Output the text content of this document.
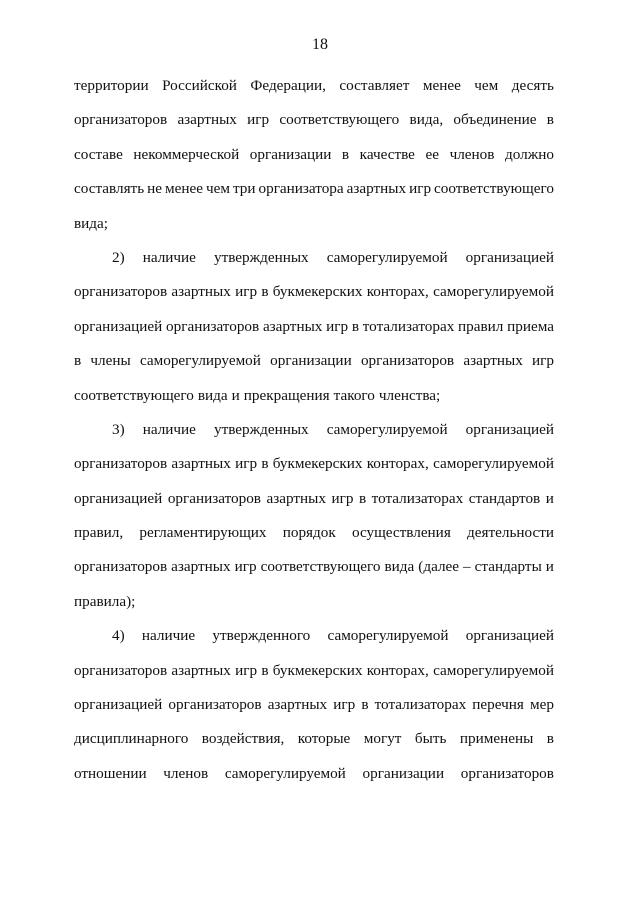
18
территории Российской Федерации, составляет менее чем десять
организаторов азартных игр соответствующего вида, объединение в
составе некоммерческой организации в качестве ее членов должно
составлять не менее чем три организатора азартных игр соответствующего
вида;
2) наличие утвержденных саморегулируемой организацией
организаторов азартных игр в букмекерских конторах, саморегулируемой
организацией организаторов азартных игр в тотализаторах правил приема
в члены саморегулируемой организации организаторов азартных игр
соответствующего вида и прекращения такого членства;
3) наличие утвержденных саморегулируемой организацией
организаторов азартных игр в букмекерских конторах, саморегулируемой
организацией организаторов азартных игр в тотализаторах стандартов и
правил, регламентирующих порядок осуществления деятельности
организаторов азартных игр соответствующего вида (далее – стандарты и
правила);
4) наличие утвержденного саморегулируемой организацией
организаторов азартных игр в букмекерских конторах, саморегулируемой
организацией организаторов азартных игр в тотализаторах перечня мер
дисциплинарного воздействия, которые могут быть применены в
отношении членов саморегулируемой организации организаторов
